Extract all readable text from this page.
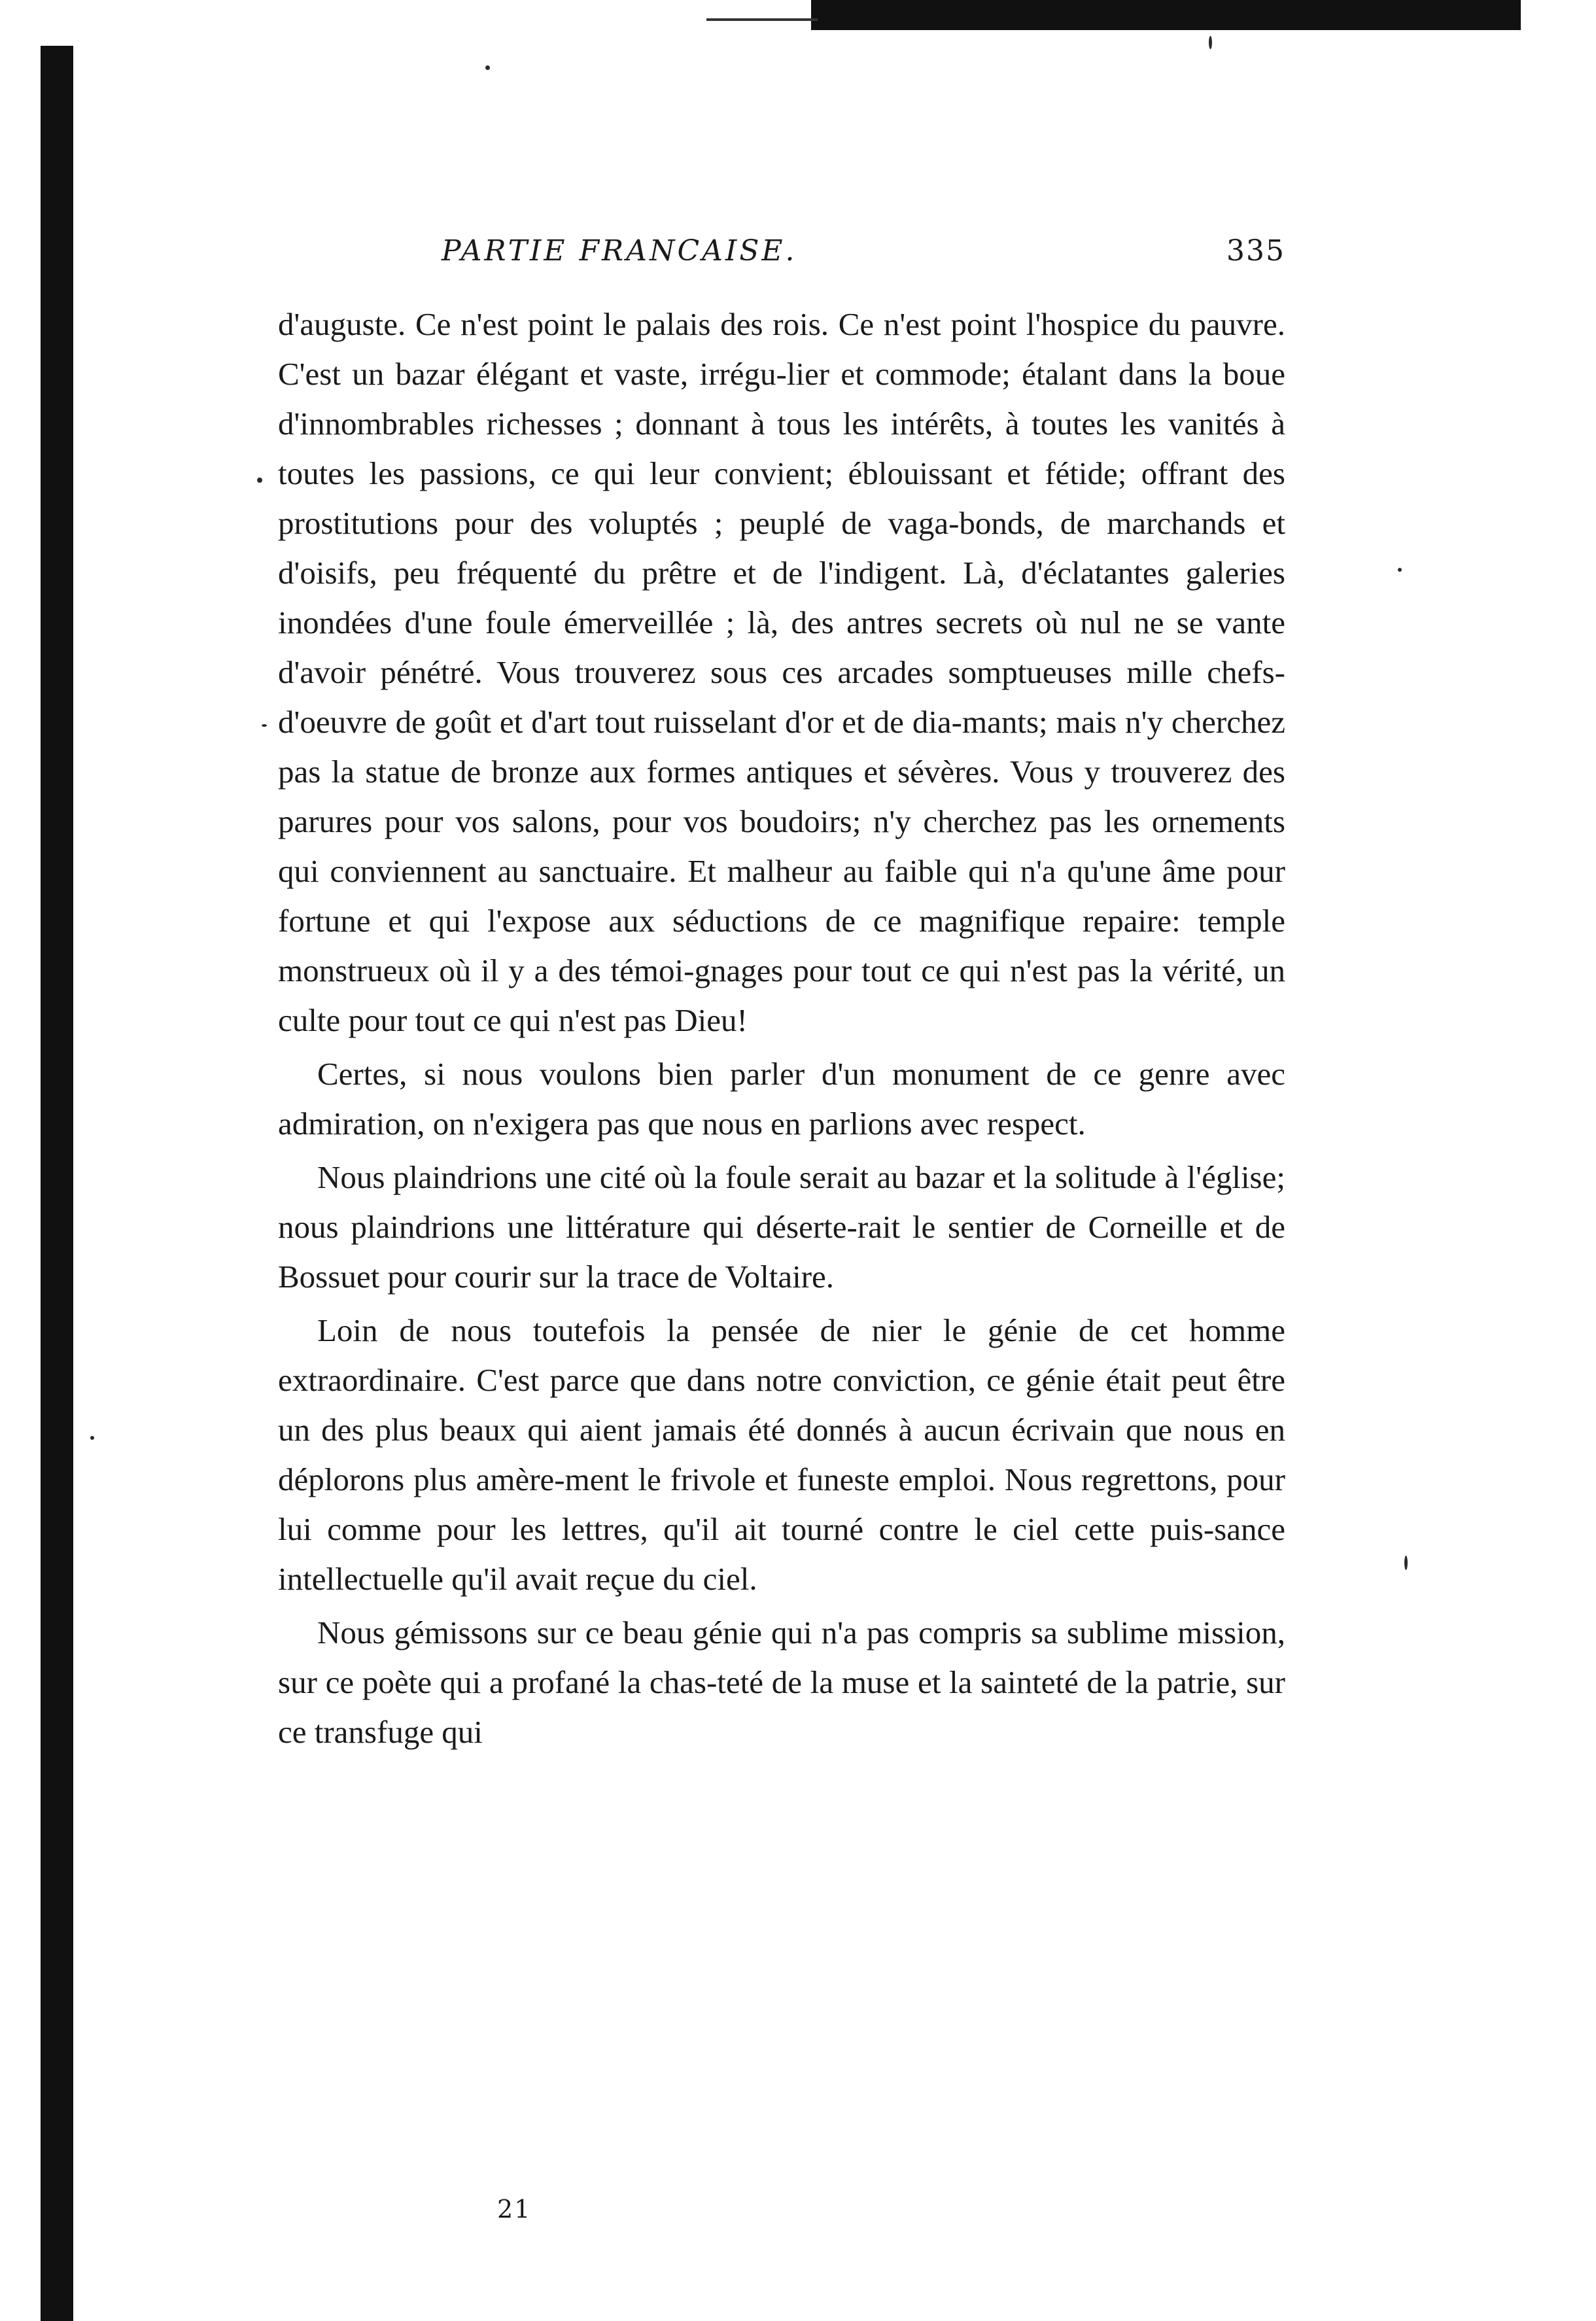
PARTIE FRANCAISE.	335

d'auguste. Ce n'est point le palais des rois. Ce n'est point l'hospice du pauvre. C'est un bazar élégant et vaste, irrégu-lier et commode; étalant dans la boue d'innombrables richesses ; donnant à tous les intérêts, à toutes les vanités à toutes les passions, ce qui leur convient; éblouissant et fétide; offrant des prostitutions pour des voluptés ; peuplé de vaga-bonds, de marchands et d'oisifs, peu fréquenté du prêtre et de l'indigent. Là, d'éclatantes galeries inondées d'une foule émerveillée ; là, des antres secrets où nul ne se vante d'avoir pénétré. Vous trouverez sous ces arcades somptueuses mille chefs-d'oeuvre de goût et d'art tout ruisselant d'or et de dia-mants; mais n'y cherchez pas la statue de bronze aux formes antiques et sévères. Vous y trouverez des parures pour vos salons, pour vos boudoirs; n'y cherchez pas les ornements qui conviennent au sanctuaire. Et malheur au faible qui n'a qu'une âme pour fortune et qui l'expose aux séductions de ce magnifique repaire: temple monstrueux où il y a des témoi-gnages pour tout ce qui n'est pas la vérité, un culte pour tout ce qui n'est pas Dieu!

Certes, si nous voulons bien parler d'un monument de ce genre avec admiration, on n'exigera pas que nous en parlions avec respect.

Nous plaindrions une cité où la foule serait au bazar et la solitude à l'église; nous plaindrions une littérature qui déserte-rait le sentier de Corneille et de Bossuet pour courir sur la trace de Voltaire.

Loin de nous toutefois la pensée de nier le génie de cet homme extraordinaire. C'est parce que dans notre conviction, ce génie était peut être un des plus beaux qui aient jamais été donnés à aucun écrivain que nous en déplorons plus amère-ment le frivole et funeste emploi. Nous regrettons, pour lui comme pour les lettres, qu'il ait tourné contre le ciel cette puis-sance intellectuelle qu'il avait reçue du ciel.

Nous gémissons sur ce beau génie qui n'a pas compris sa sublime mission, sur ce poète qui a profané la chas-teté de la muse et la sainteté de la patrie, sur ce transfuge qui

21
